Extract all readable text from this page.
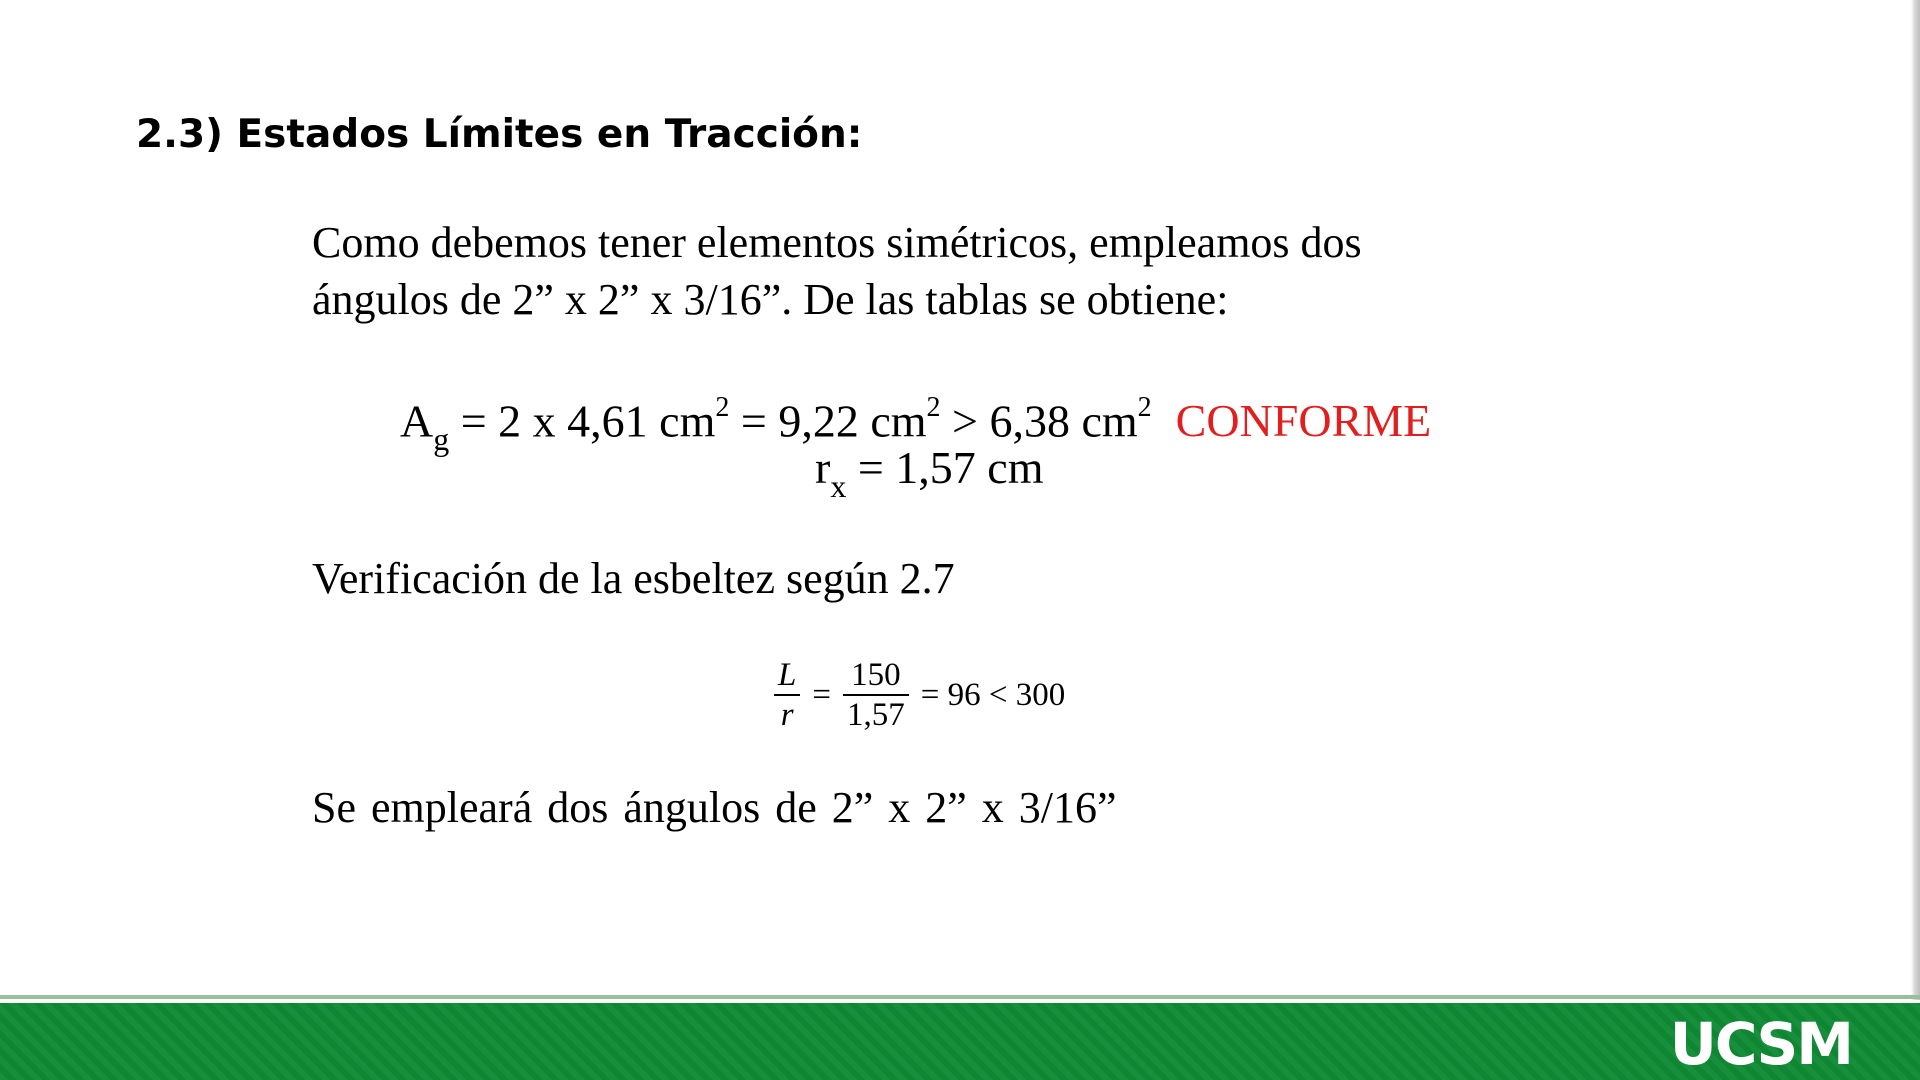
2.3) Estados Límites en Tracción:
Como debemos tener elementos simétricos, empleamos dos
ángulos de 2” x 2” x 3/16”. De las tablas se obtiene:
$A_g = 2$ x 4,61 $cm^2 = 9,22$ $cm^2 > 6,38$ $cm^2$ CONFORME
$r_x = 1,57$ cm
Verificación de la esbeltez según 2.7
$\frac{L}{r} = \frac{150}{1,57} = 96 < 300$
Se empleará dos ángulos de 2” x 2” x 3/16”
UCSM
